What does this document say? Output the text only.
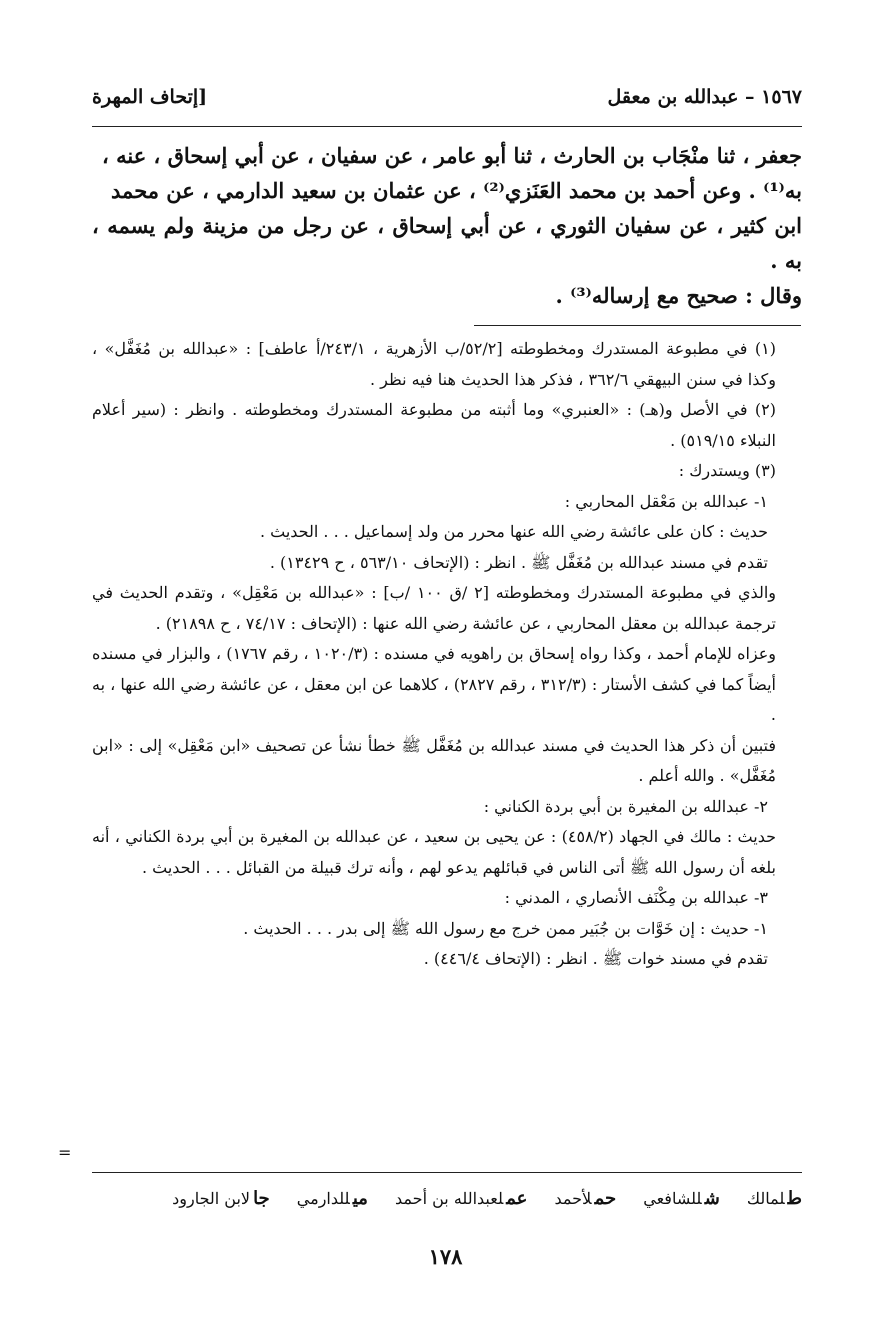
١٥٦٧ – عبدالله بن معقل
[إتحاف المهرة

جعفر ، ثنا منْجَاب بن الحارث ، ثنا أبو عامر ، عن سفيان ، عن أبي إسحاق ، عنه ،

به⁽¹⁾ . وعن أحمد بن محمد العَنَزي⁽²⁾ ، عن عثمان بن سعيد الدارمي ، عن محمد

ابن كثير ، عن سفيان الثوري ، عن أبي إسحاق ، عن رجل من مزينة ولم يسمه ، به .

وقال : صحيح مع إرساله⁽³⁾ .

(١) في مطبوعة المستدرك ومخطوطته [٥٢/٢/ب الأزهرية ، ٢٤٣/١/أ عاطف] : «عبدالله بن مُغَفَّل» ، وكذا في سنن البيهقي ٣٦٢/٦ ، فذكر هذا الحديث هنا فيه نظر .

(٢) في الأصل و(هـ) : «العنبري» وما أثبته من مطبوعة المستدرك ومخطوطته . وانظر : (سير أعلام النبلاء ٥١٩/١٥) .

(٣) ويستدرك :

١- عبدالله بن مَعْقل المحاربي :

حديث : كان على عائشة رضي الله عنها محرر من ولد إسماعيل . . . الحديث .

تقدم في مسند عبدالله بن مُغَفَّل ﷺ . انظر : (الإتحاف ٥٦٣/١٠ ، ح ١٣٤٢٩) .

والذي في مطبوعة المستدرك ومخطوطته [٢ /ق ١٠٠ /ب] : «عبدالله بن مَعْقِل» ، وتقدم الحديث في ترجمة عبدالله بن معقل المحاربي ، عن عائشة رضي الله عنها : (الإتحاف : ٧٤/١٧ ، ح ٢١٨٩٨) .

وعزاه للإمام أحمد ، وكذا رواه إسحاق بن راهويه في مسنده : (١٠٢٠/٣ ، رقم ١٧٦٧) ، والبزار في مسنده أيضاً كما في كشف الأستار : (٣١٢/٣ ، رقم ٢٨٢٧) ، كلاهما عن ابن معقل ، عن عائشة رضي الله عنها ، به .

فتبين أن ذكر هذا الحديث في مسند عبدالله بن مُغَفَّل ﷺ خطأ نشأ عن تصحيف «ابن مَعْقِل» إلى : «ابن مُغَفَّل» . والله أعلم .

٢- عبدالله بن المغيرة بن أبي بردة الكناني :

حديث : مالك في الجهاد (٤٥٨/٢) : عن يحيى بن سعيد ، عن عبدالله بن المغيرة بن أبي بردة الكناني ، أنه بلغه أن رسول الله ﷺ أتى الناس في قبائلهم يدعو لهم ، وأنه ترك قبيلة من القبائل . . . الحديث .

٣- عبدالله بن مِكْنَف الأنصاري ، المدني :

١- حديث : إن خَوَّات بن جُبَير ممن خرج مع رسول الله ﷺ إلى بدر . . . الحديث .

تقدم في مسند خوات ﷺ . انظر : (الإتحاف ٤٤٦/٤) .

=
طلمالك شللشافعي حملأحمد عملعبدالله بن أحمد ميللدارمي جالابن الجارود
١٧٨
